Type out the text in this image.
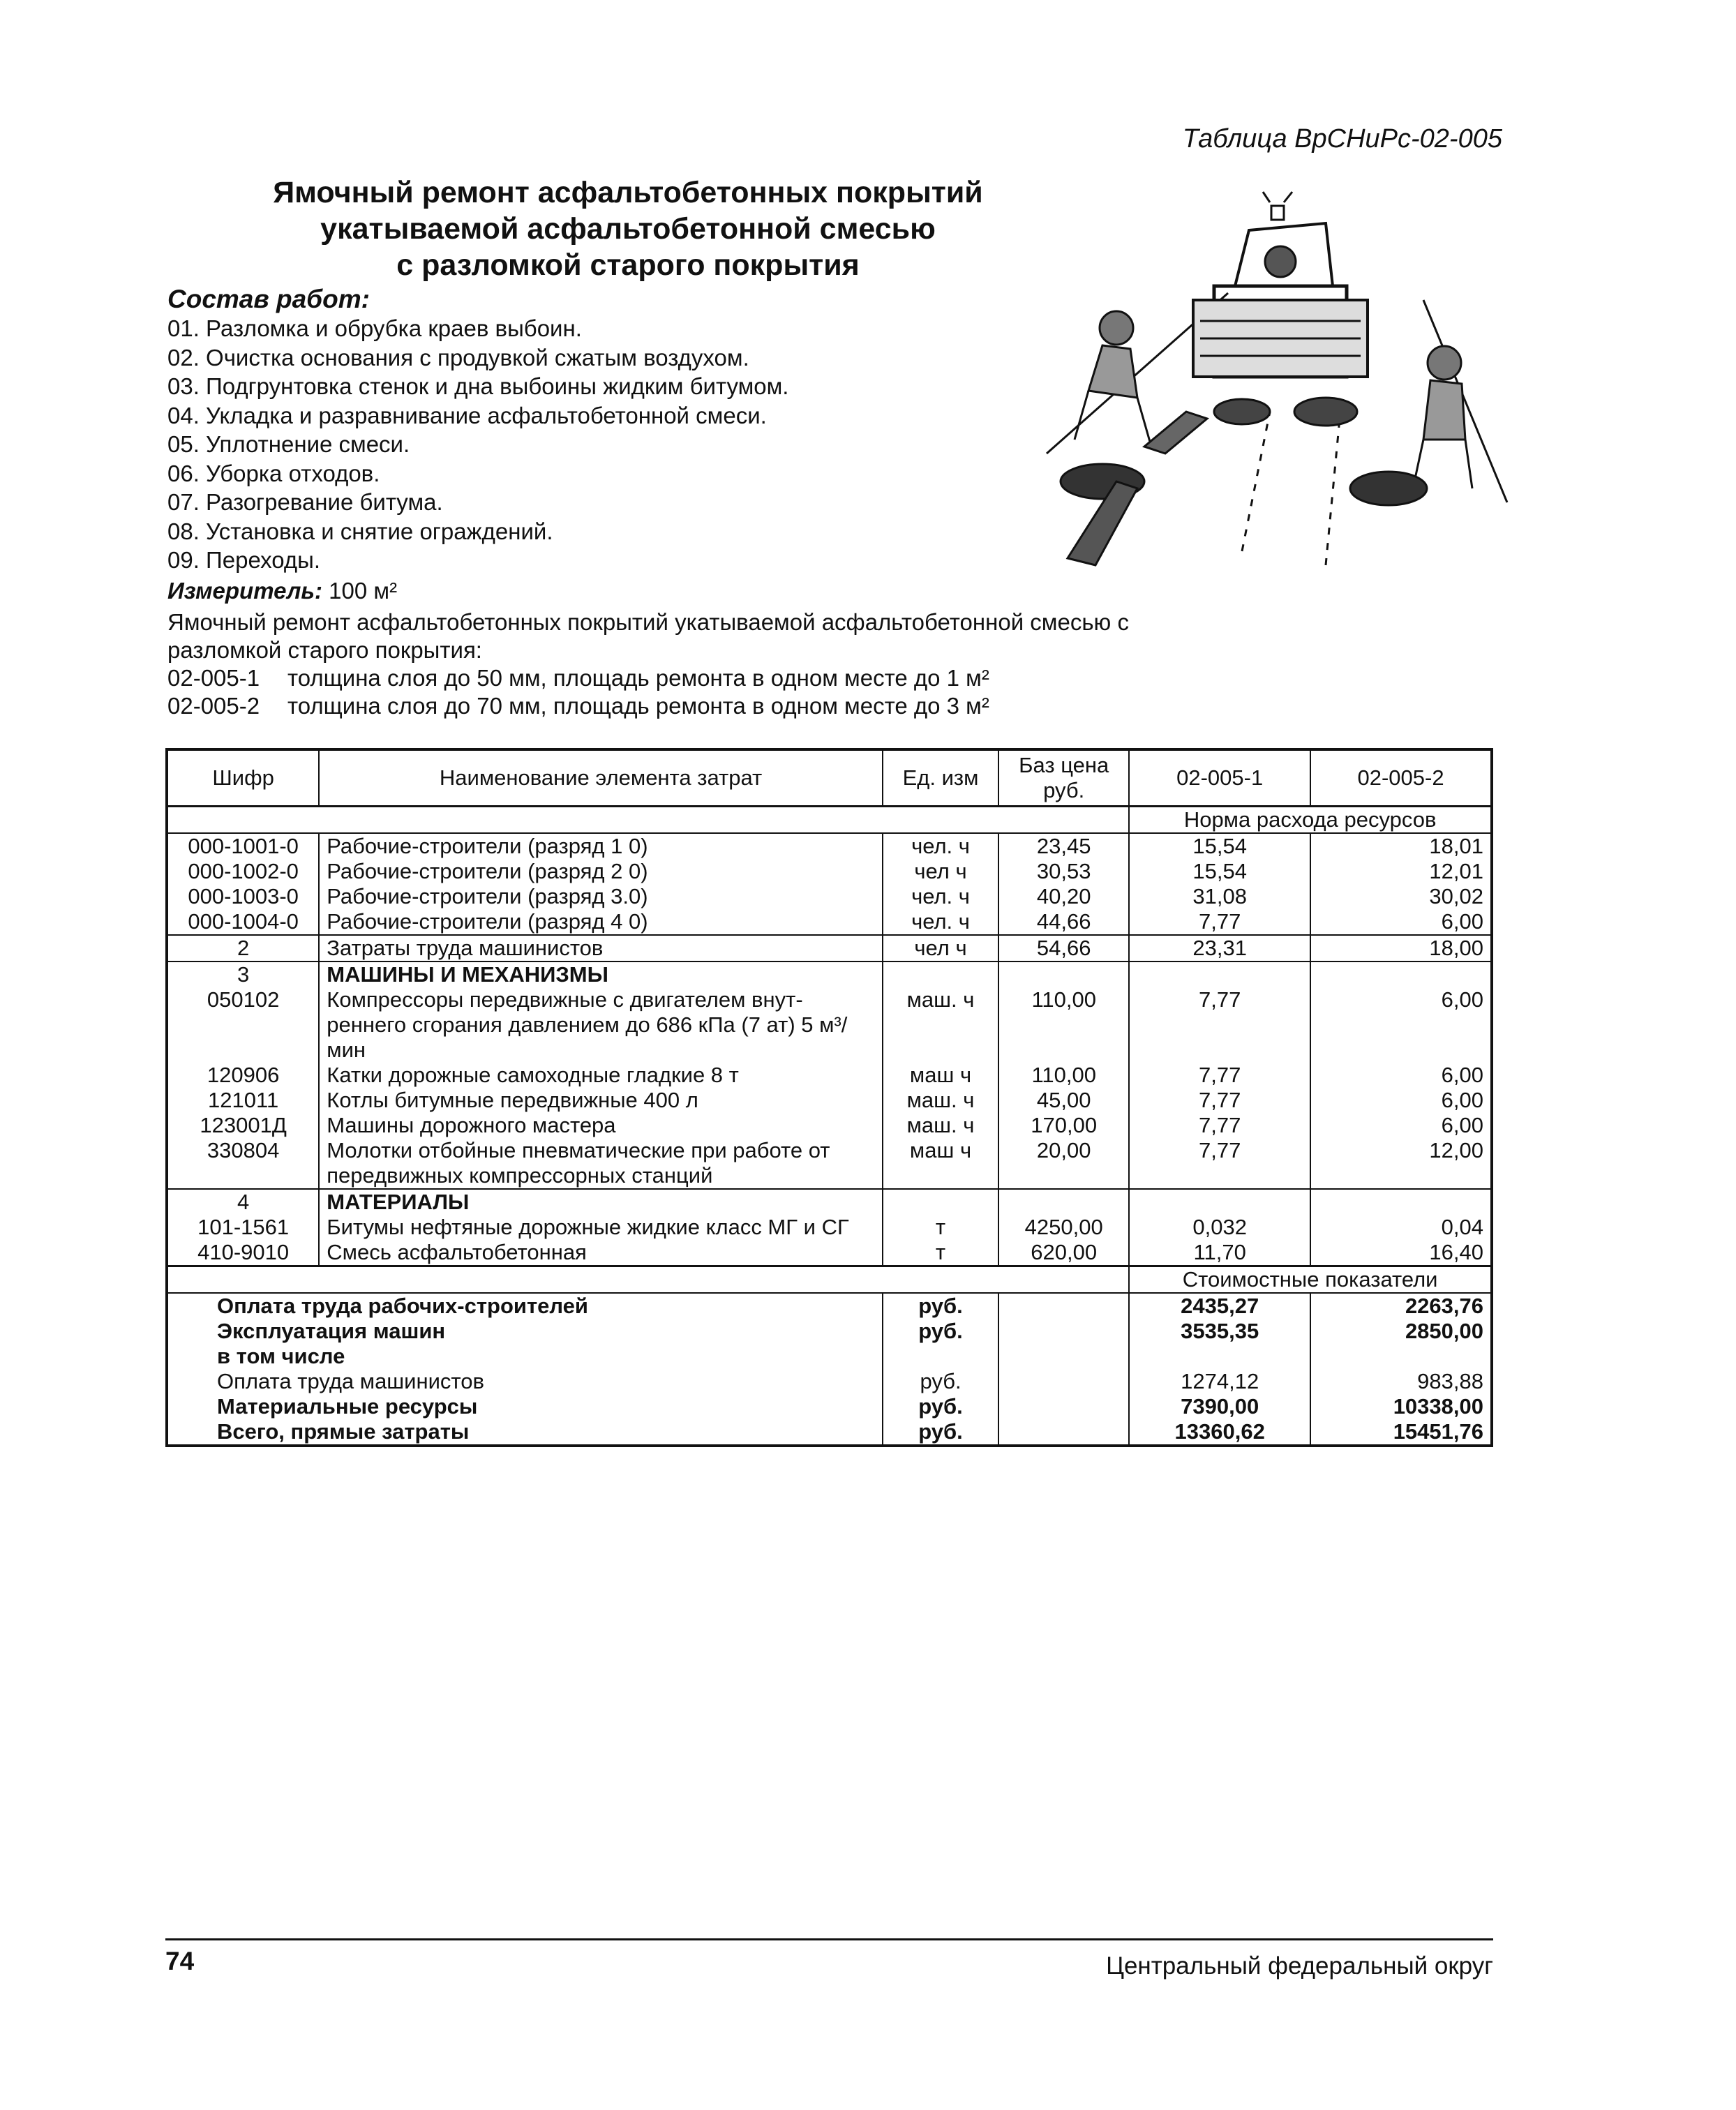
Таблица ВрСНиРс-02-005
Ямочный ремонт асфальтобетонных покрытий
укатываемой асфальтобетонной смесью
с разломкой старого покрытия
Состав работ:
01. Разломка и обрубка краев выбоин.
02. Очистка основания с продувкой сжатым воздухом.
03. Подгрунтовка стенок и дна выбоины жидким битумом.
04. Укладка и разравнивание асфальтобетонной смеси.
05. Уплотнение смеси.
06. Уборка отходов.
07. Разогревание битума.
08. Установка и снятие ограждений.
09. Переходы.
Измеритель: 100 м²
Ямочный ремонт асфальтобетонных покрытий укатываемой асфальтобетонной смесью с разломкой старого покрытия:
02-005-1	толщина слоя до 50 мм, площадь ремонта в одном месте до 1 м²
02-005-2	толщина слоя до 70 мм, площадь ремонта в одном месте до 3 м²
Шифр	Наименование элемента затрат	Ед. изм	Баз цена руб.	02-005-1	02-005-2
				Норма расхода ресурсов	
000-1001-0	Рабочие-строители (разряд 1 0)	чел. ч	23,45	15,54	18,01
000-1002-0	Рабочие-строители (разряд 2 0)	чел ч	30,53	15,54	12,01
000-1003-0	Рабочие-строители (разряд 3.0)	чел. ч	40,20	31,08	30,02
000-1004-0	Рабочие-строители (разряд 4 0)	чел. ч	44,66	7,77	6,00
2	Затраты труда машинистов	чел ч	54,66	23,31	18,00
3	МАШИНЫ И МЕХАНИЗМЫ				
050102	Компрессоры передвижные с двигателем внут-реннего сгорания давлением до 686 кПа (7 ат) 5 м³/мин	маш. ч	110,00	7,77	6,00
120906	Катки дорожные самоходные гладкие 8 т	маш ч	110,00	7,77	6,00
121011	Котлы битумные передвижные 400 л	маш. ч	45,00	7,77	6,00
123001Д	Машины дорожного мастера	маш. ч	170,00	7,77	6,00
330804	Молотки отбойные пневматические при работе от передвижных компрессорных станций	маш ч	20,00	7,77	12,00
4	МАТЕРИАЛЫ				
101-1561	Битумы нефтяные дорожные жидкие класс МГ и СГ	т	4250,00	0,032	0,04
410-9010	Смесь асфальтобетонная	т	620,00	11,70	16,40
				Стоимостные показатели	
Оплата труда рабочих-строителей		руб.		2435,27	2263,76
Эксплуатация машин		руб.		3535,35	2850,00
в том числе					
Оплата труда машинистов		руб.		1274,12	983,88
Материальные ресурсы		руб.		7390,00	10338,00
Всего, прямые затраты		руб.		13360,62	15451,76
74	Центральный федеральный округ
